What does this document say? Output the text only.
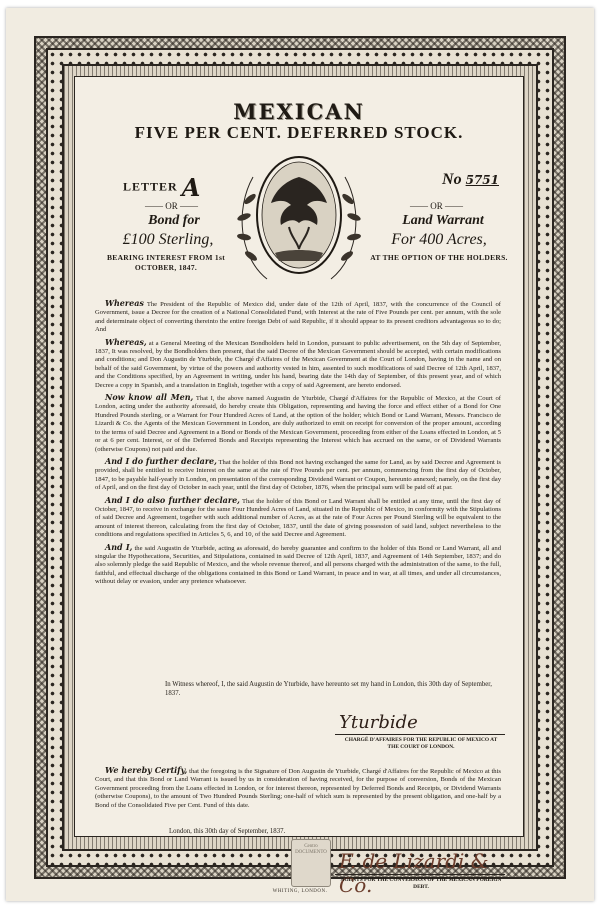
MEXICAN
FIVE PER CENT. DEFERRED STOCK.
LETTER A	No 5751
—— OR ——	—— OR ——
Bond for	Land Warrant
£100 Sterling,	For 400 Acres,
BEARING INTEREST FROM 1st OCTOBER, 1847.
AT THE OPTION OF THE HOLDERS.

Whereas The President of the Republic of Mexico did, under date of the 12th of April, 1837, with the concurrence of the Council of Government, issue a Decree for the creation of a National Consolidated Fund, with Interest at the rate of Five Pounds per cent. per annum, with the sole and determinate object of converting thereinto the entire foreign Debt of said Republic, if it should appear to its present creditors advantageous so to do; And

Whereas, at a General Meeting of the Mexican Bondholders held in London, pursuant to public advertisement, on the 5th day of September, 1837, It was resolved, by the Bondholders then present, that the said Decree of the Mexican Government should be accepted, with certain modifications and conditions; and Don Augustin de Yturbide, the Chargé d'Affaires of the Mexican Government at the Court of London, having in the name and on behalf of the said Government, by virtue of the powers and authority vested in him, assented to such modifications of said Decree of 12th April, 1837, and the Conditions specified, by an Agreement in writing, under his hand, bearing date the 14th day of September, of this present year, and of which Decree a copy in Spanish, and a translation in English, together with a copy of said Agreement, are hereto endorsed.

Now know all Men, That I, the above named Augustin de Yturbide, Chargé d'Affaires for the Republic of Mexico, at the Court of London, acting under the authority aforesaid, do hereby create this Obligation, representing and having the force and effect either of a Bond for One Hundred Pounds sterling, or a Warrant for Four Hundred Acres of Land, at the option of the holder; which Bond or Land Warrant, Messrs. Francisco de Lizardi & Co. the Agents of the Mexican Government in London, are duly authorized to emit on receipt for conversion of the proper amount, according to the terms of said Decree and Agreement in a Bond or Bonds of the Mexican Government, proceeding from either of the Loans effected in London, at 5 or at 6 per cent. Interest, or of the Deferred Bonds and Receipts representing the Interest which has accrued on the same, or of Dividend Warrants (otherwise Coupons) not paid and due.

And I do further declare, That the holder of this Bond not having exchanged the same for Land, as by said Decree and Agreement is provided, shall be entitled to receive Interest on the same at the rate of Five Pounds per cent. per annum, commencing from the first day of October, 1847, to be payable half-yearly in London, on presentation of the corresponding Dividend Warrant or Coupon, hereunto annexed; namely, on the first day of April, and on the first day of October in each year, until the first day of October, 1876, when the principal sum will be paid off at par.

And I do also further declare, That the holder of this Bond or Land Warrant shall be entitled at any time, until the first day of October, 1847, to receive in exchange for the same Four Hundred Acres of Land, situated in the Republic of Mexico, in conformity with the Stipulations of said Decree and Agreement, together with such additional number of Acres, as at the rate of Four Acres per Pound Sterling will be equivalent to the amount of interest thereon, calculating from the first day of October, 1837, until the date of giving possession of said land, subject nevertheless to the conditions and regulations specified in Articles 5, 6, and 10, of the said Decree and Agreement.

And I, the said Augustin de Yturbide, acting as aforesaid, do hereby guarantee and confirm to the holder of this Bond or Land Warrant, all and singular the Hypothecations, Securities, and Stipulations, contained in said Decree of 12th April, 1837, and Agreement of 14th September, 1837; and do also solemnly pledge the said Republic of Mexico, and the whole revenue thereof, and all persons charged with the administration of the same, to the full, faithful, and effectual discharge of the obligations contained in this Bond or Land Warrant, in peace and in war, at all times, and under all circumstances, without delay or evasion, under any pretence whatsoever.

In Witness whereof, I, the said Augustin de Yturbide, have hereunto set my hand in London, this 30th day of September, 1837.
Yturbide
CHARGÉ D'AFFAIRES FOR THE REPUBLIC OF MEXICO AT THE COURT OF LONDON.

We hereby Certify, that the foregoing is the Signature of Don Augustin de Yturbide, Chargé d'Affaires for the Republic of Mexico at this Court, and that this Bond or Land Warrant is issued by us in consideration of having received, for the purpose of conversion, Bonds of the Mexican Government proceeding from the Loans effected in London, or for interest thereon, represented by Deferred Bonds and Receipts, or Dividend Warrants (otherwise Coupons), to the amount of Two Hundred Pounds Sterling; one-half of which sum is represented by the present obligation, and one-half by a Bond of the Consolidated Five per Cent. Fund of this date.

London, this 30th day of September, 1837.
Centro DOCUMENTO F. de Lizardi & Co.
AGENTS FOR THE CONVERSION OF THE MEXICAN FOREIGN DEBT.
WHITING, LONDON.
